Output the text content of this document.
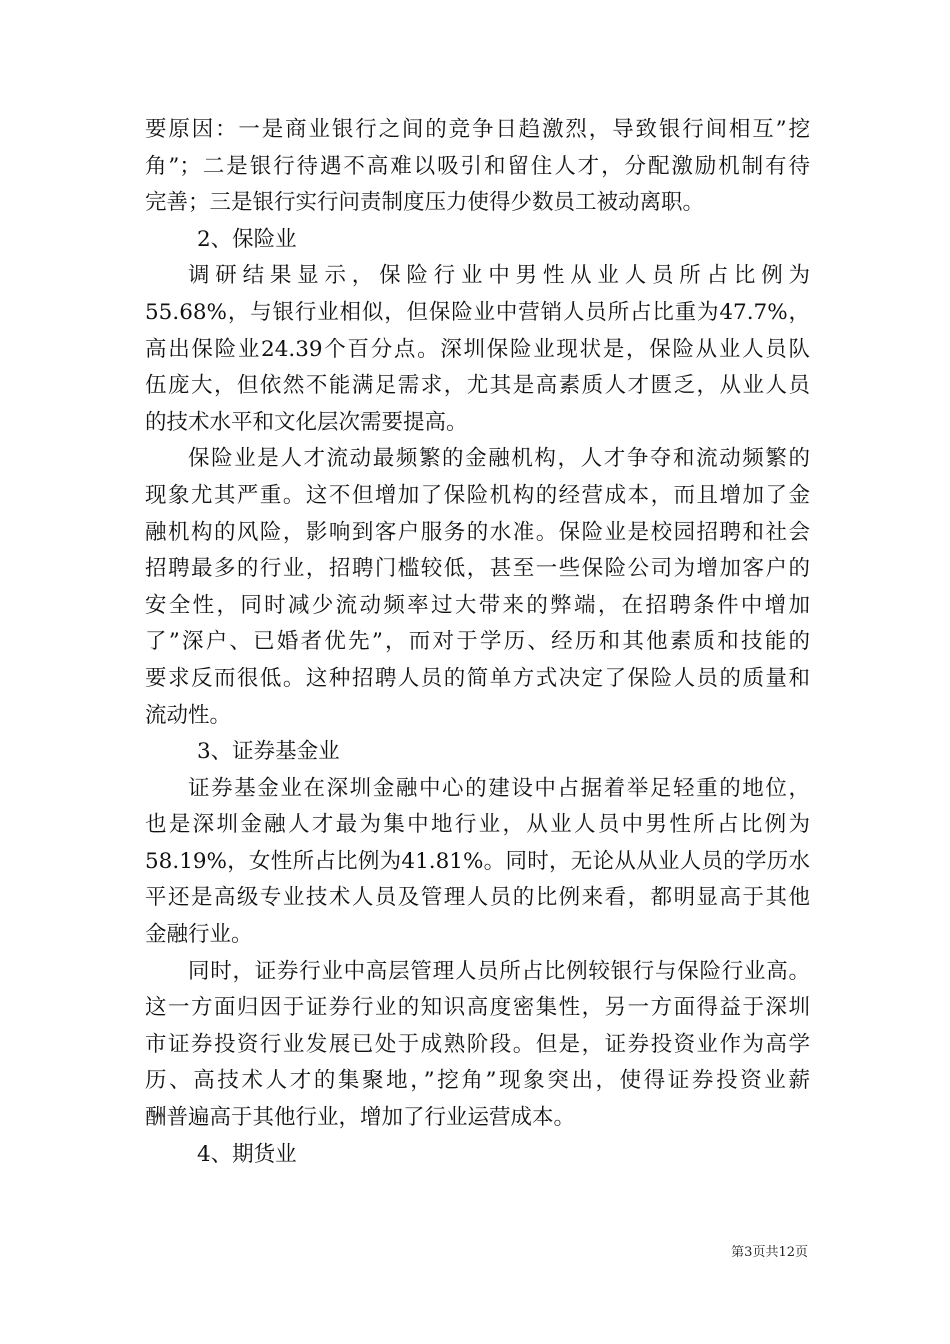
要原因：一是商业银行之间的竞争日趋激烈，导致银行间相互”挖
角”；二是银行待遇不高难以吸引和留住人才，分配激励机制有待
完善；三是银行实行问责制度压力使得少数员工被动离职。
2、保险业
调研结果显示，保险行业中男性从业人员所占比例为
55.68%，与银行业相似，但保险业中营销人员所占比重为47.7%，
高出保险业24.39个百分点。深圳保险业现状是，保险从业人员队
伍庞大，但依然不能满足需求，尤其是高素质人才匮乏，从业人员
的技术水平和文化层次需要提高。
保险业是人才流动最频繁的金融机构，人才争夺和流动频繁的
现象尤其严重。这不但增加了保险机构的经营成本，而且增加了金
融机构的风险，影响到客户服务的水准。保险业是校园招聘和社会
招聘最多的行业，招聘门槛较低，甚至一些保险公司为增加客户的
安全性，同时减少流动频率过大带来的弊端，在招聘条件中增加
了”深户、已婚者优先”，而对于学历、经历和其他素质和技能的
要求反而很低。这种招聘人员的简单方式决定了保险人员的质量和
流动性。
3、证券基金业
证券基金业在深圳金融中心的建设中占据着举足轻重的地位，
也是深圳金融人才最为集中地行业，从业人员中男性所占比例为
58.19%，女性所占比例为41.81%。同时，无论从从业人员的学历水
平还是高级专业技术人员及管理人员的比例来看，都明显高于其他
金融行业。
同时，证券行业中高层管理人员所占比例较银行与保险行业高。
这一方面归因于证券行业的知识高度密集性，另一方面得益于深圳
市证券投资行业发展已处于成熟阶段。但是，证券投资业作为高学
历、高技术人才的集聚地，”挖角”现象突出，使得证券投资业薪
酬普遍高于其他行业，增加了行业运营成本。
4、期货业
第3页共12页
